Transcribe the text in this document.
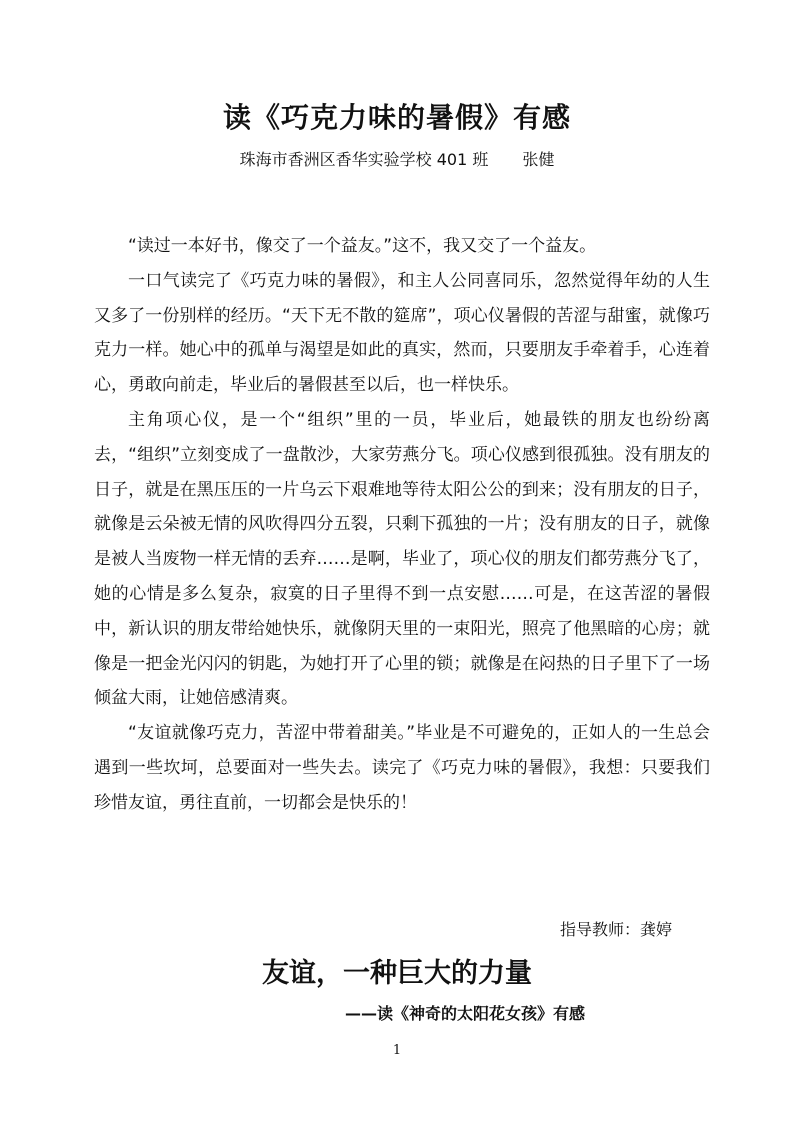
读《巧克力味的暑假》有感
珠海市香洲区香华实验学校 401 班 张健

“读过一本好书，像交了一个益友。”这不，我又交了一个益友。

一口气读完了《巧克力味的暑假》，和主人公同喜同乐，忽然觉得年幼的人生又多了一份别样的经历。“天下无不散的筵席”，项心仪暑假的苦涩与甜蜜，就像巧克力一样。她心中的孤单与渴望是如此的真实，然而，只要朋友手牵着手，心连着心，勇敢向前走，毕业后的暑假甚至以后，也一样快乐。

主角项心仪，是一个“组织”里的一员，毕业后，她最铁的朋友也纷纷离去，“组织”立刻变成了一盘散沙，大家劳燕分飞。项心仪感到很孤独。没有朋友的日子，就是在黑压压的一片乌云下艰难地等待太阳公公的到来；没有朋友的日子，就像是云朵被无情的风吹得四分五裂，只剩下孤独的一片；没有朋友的日子，就像是被人当废物一样无情的丢弃……是啊，毕业了，项心仪的朋友们都劳燕分飞了，她的心情是多么复杂，寂寞的日子里得不到一点安慰……可是，在这苦涩的暑假中，新认识的朋友带给她快乐，就像阴天里的一束阳光，照亮了他黑暗的心房；就像是一把金光闪闪的钥匙，为她打开了心里的锁；就像是在闷热的日子里下了一场倾盆大雨，让她倍感清爽。

“友谊就像巧克力，苦涩中带着甜美。”毕业是不可避免的，正如人的一生总会遇到一些坎坷，总要面对一些失去。读完了《巧克力味的暑假》，我想：只要我们珍惜友谊，勇往直前，一切都会是快乐的！

指导教师：龚婷
友谊，一种巨大的力量
——读《神奇的太阳花女孩》有感
1
